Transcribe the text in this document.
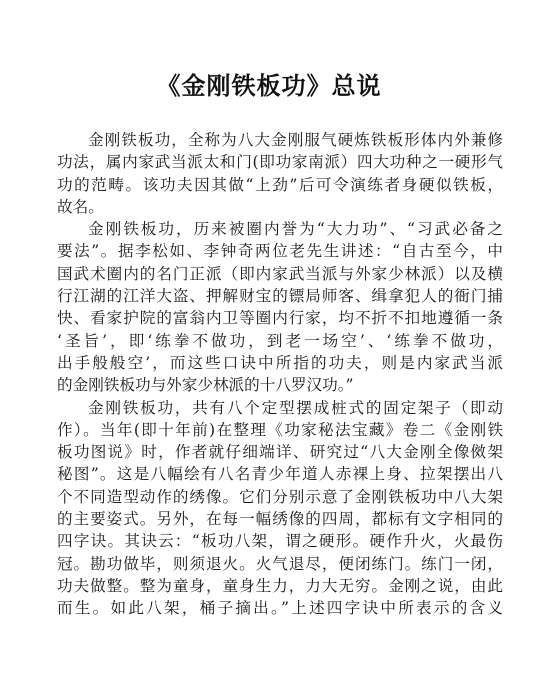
《金刚铁板功》总说
金刚铁板功，全称为八大金刚服气硬炼铁板形体内外兼修
功法，属内家武当派太和门(即功家南派）四大功种之一硬形气
功的范畴。该功夫因其做“上劲”后可令演练者身硬似铁板，
故名。
金刚铁板功，历来被圈内誉为“大力功”、“习武必备之
要法”。据李松如、李钟奇两位老先生讲述：“自古至今，中
国武术圈内的名门正派（即内家武当派与外家少林派）以及横
行江湖的江洋大盗、押解财宝的镖局师客、缉拿犯人的衙门捕
快、看家护院的富翁内卫等圈内行家，均不折不扣地遵循一条
‘圣旨’，即‘练拳不做功，到老一场空’、‘练拳不做功，
出手般般空’，而这些口诀中所指的功夫，则是内家武当派
的金刚铁板功与外家少林派的十八罗汉功。”
金刚铁板功，共有八个定型摆成桩式的固定架子（即动
作）。当年(即十年前)在整理《功家秘法宝藏》卷二《金刚铁
板功图说》时，作者就仔细端详、研究过“八大金刚全像傚架
秘图”。这是八幅绘有八名青少年道人赤裸上身、拉架摆出八
个不同造型动作的绣像。它们分别示意了金刚铁板功中八大架
的主要姿式。另外，在每一幅绣像的四周，都标有文字相同的
四字诀。其诀云：“板功八架，谓之硬形。硬作升火，火最伤
冠。勘功做毕，则须退火。火气退尽，便闭练门。练门一闭，
功夫做整。整为童身，童身生力，力大无穷。金刚之说，由此
而生。如此八架，桶子摘出。”上述四字诀中所表示的含义
